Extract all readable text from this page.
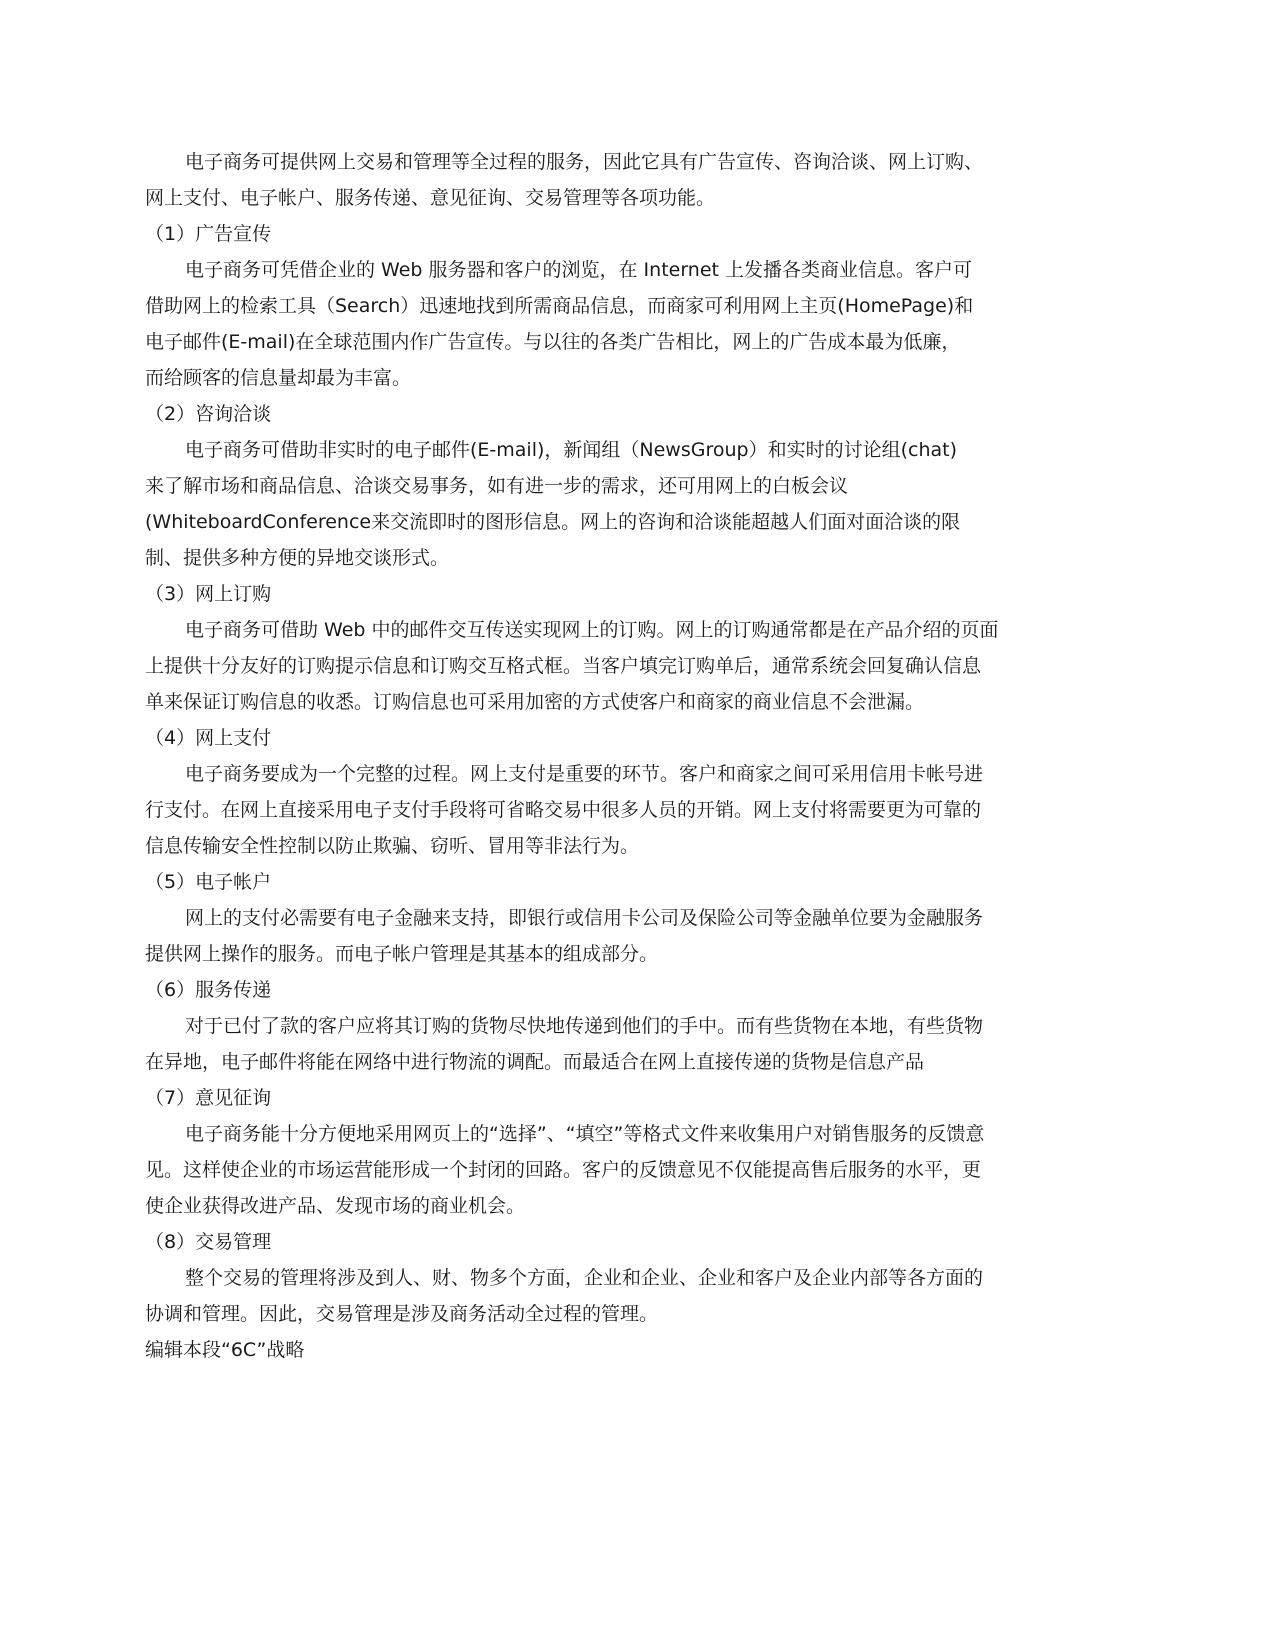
电子商务可提供网上交易和管理等全过程的服务，因此它具有广告宣传、咨询洽谈、网上订购、
网上支付、电子帐户、服务传递、意见征询、交易管理等各项功能。
（1）广告宣传
电子商务可凭借企业的 Web 服务器和客户的浏览，在 Internet 上发播各类商业信息。客户可
借助网上的检索工具（Search）迅速地找到所需商品信息，而商家可利用网上主页(HomePage)和
电子邮件(E-mail)在全球范围内作广告宣传。与以往的各类广告相比，网上的广告成本最为低廉，
而给顾客的信息量却最为丰富。
（2）咨询洽谈
电子商务可借助非实时的电子邮件(E-mail)，新闻组（NewsGroup）和实时的讨论组(chat)
来了解市场和商品信息、洽谈交易事务，如有进一步的需求，还可用网上的白板会议
(WhiteboardConference来交流即时的图形信息。网上的咨询和洽谈能超越人们面对面洽谈的限
制、提供多种方便的异地交谈形式。
（3）网上订购
电子商务可借助 Web 中的邮件交互传送实现网上的订购。网上的订购通常都是在产品介绍的页面
上提供十分友好的订购提示信息和订购交互格式框。当客户填完订购单后，通常系统会回复确认信息
单来保证订购信息的收悉。订购信息也可采用加密的方式使客户和商家的商业信息不会泄漏。
（4）网上支付
电子商务要成为一个完整的过程。网上支付是重要的环节。客户和商家之间可采用信用卡帐号进
行支付。在网上直接采用电子支付手段将可省略交易中很多人员的开销。网上支付将需要更为可靠的
信息传输安全性控制以防止欺骗、窃听、冒用等非法行为。
（5）电子帐户
网上的支付必需要有电子金融来支持，即银行或信用卡公司及保险公司等金融单位要为金融服务
提供网上操作的服务。而电子帐户管理是其基本的组成部分。
（6）服务传递
对于已付了款的客户应将其订购的货物尽快地传递到他们的手中。而有些货物在本地，有些货物
在异地，电子邮件将能在网络中进行物流的调配。而最适合在网上直接传递的货物是信息产品
（7）意见征询
电子商务能十分方便地采用网页上的“选择”、“填空”等格式文件来收集用户对销售服务的反馈意
见。这样使企业的市场运营能形成一个封闭的回路。客户的反馈意见不仅能提高售后服务的水平，更
使企业获得改进产品、发现市场的商业机会。
（8）交易管理
整个交易的管理将涉及到人、财、物多个方面，企业和企业、企业和客户及企业内部等各方面的
协调和管理。因此，交易管理是涉及商务活动全过程的管理。
编辑本段“6C”战略
